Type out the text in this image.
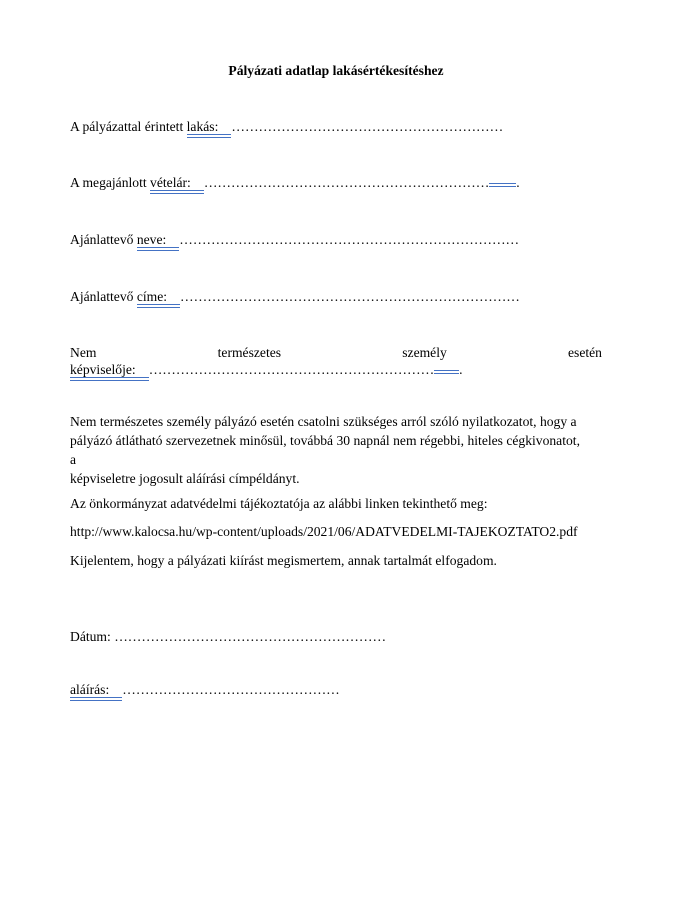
Pályázati adatlap lakásértékesítéshez

A pályázattal érintett lakás: ……………………………………………………

A megajánlott vételár: ……………………………………………………… .

Ajánlattevő neve: …………………………………………………………………

Ajánlattevő címe: …………………………………………………………………

Nem	természetes	személy	esetén

képviselője: ……………………………………………………… .

Nem természetes személy pályázó esetén csatolni szükséges arról szóló nyilatkozatot, hogy a

pályázó átlátható szervezetnek minősül, továbbá 30 napnál nem régebbi, hiteles cégkivonatot,

a

képviseletre jogosult aláírási címpéldányt.

Az önkormányzat adatvédelmi tájékoztatója az alábbi linken tekinthető meg:

http://www.kalocsa.hu/wp-content/uploads/2021/06/ADATVEDELMI-TAJEKOZTATO2.pdf

Kijelentem, hogy a pályázati kiírást megismertem, annak tartalmát elfogadom.

Dátum: ……………………………………………………

aláírás: …………………………………………
